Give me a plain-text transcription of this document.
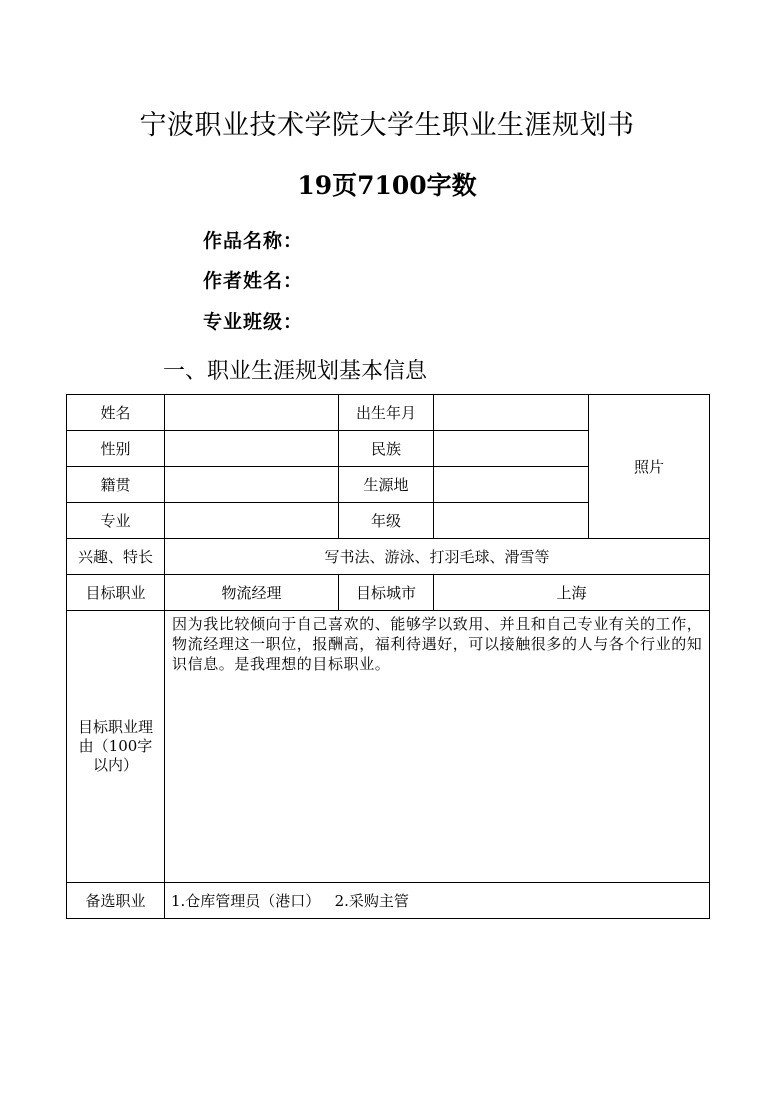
宁波职业技术学院大学生职业生涯规划书
19页7100字数
作品名称：
作者姓名：
专业班级：
一、职业生涯规划基本信息
姓名		出生年月		照片
性别		民族		
籍贯		生源地		
专业		年级		
兴趣、特长	写书法、游泳、打羽毛球、滑雪等			
目标职业	物流经理	目标城市	上海	
目标职业理由（100字以内）	因为我比较倾向于自己喜欢的、能够学以致用、并且和自己专业有关的工作，物流经理这一职位，报酬高，福利待遇好，可以接触很多的人与各个行业的知识信息。是我理想的目标职业。			
备选职业	1.仓库管理员（港口）   2.采购主管			
